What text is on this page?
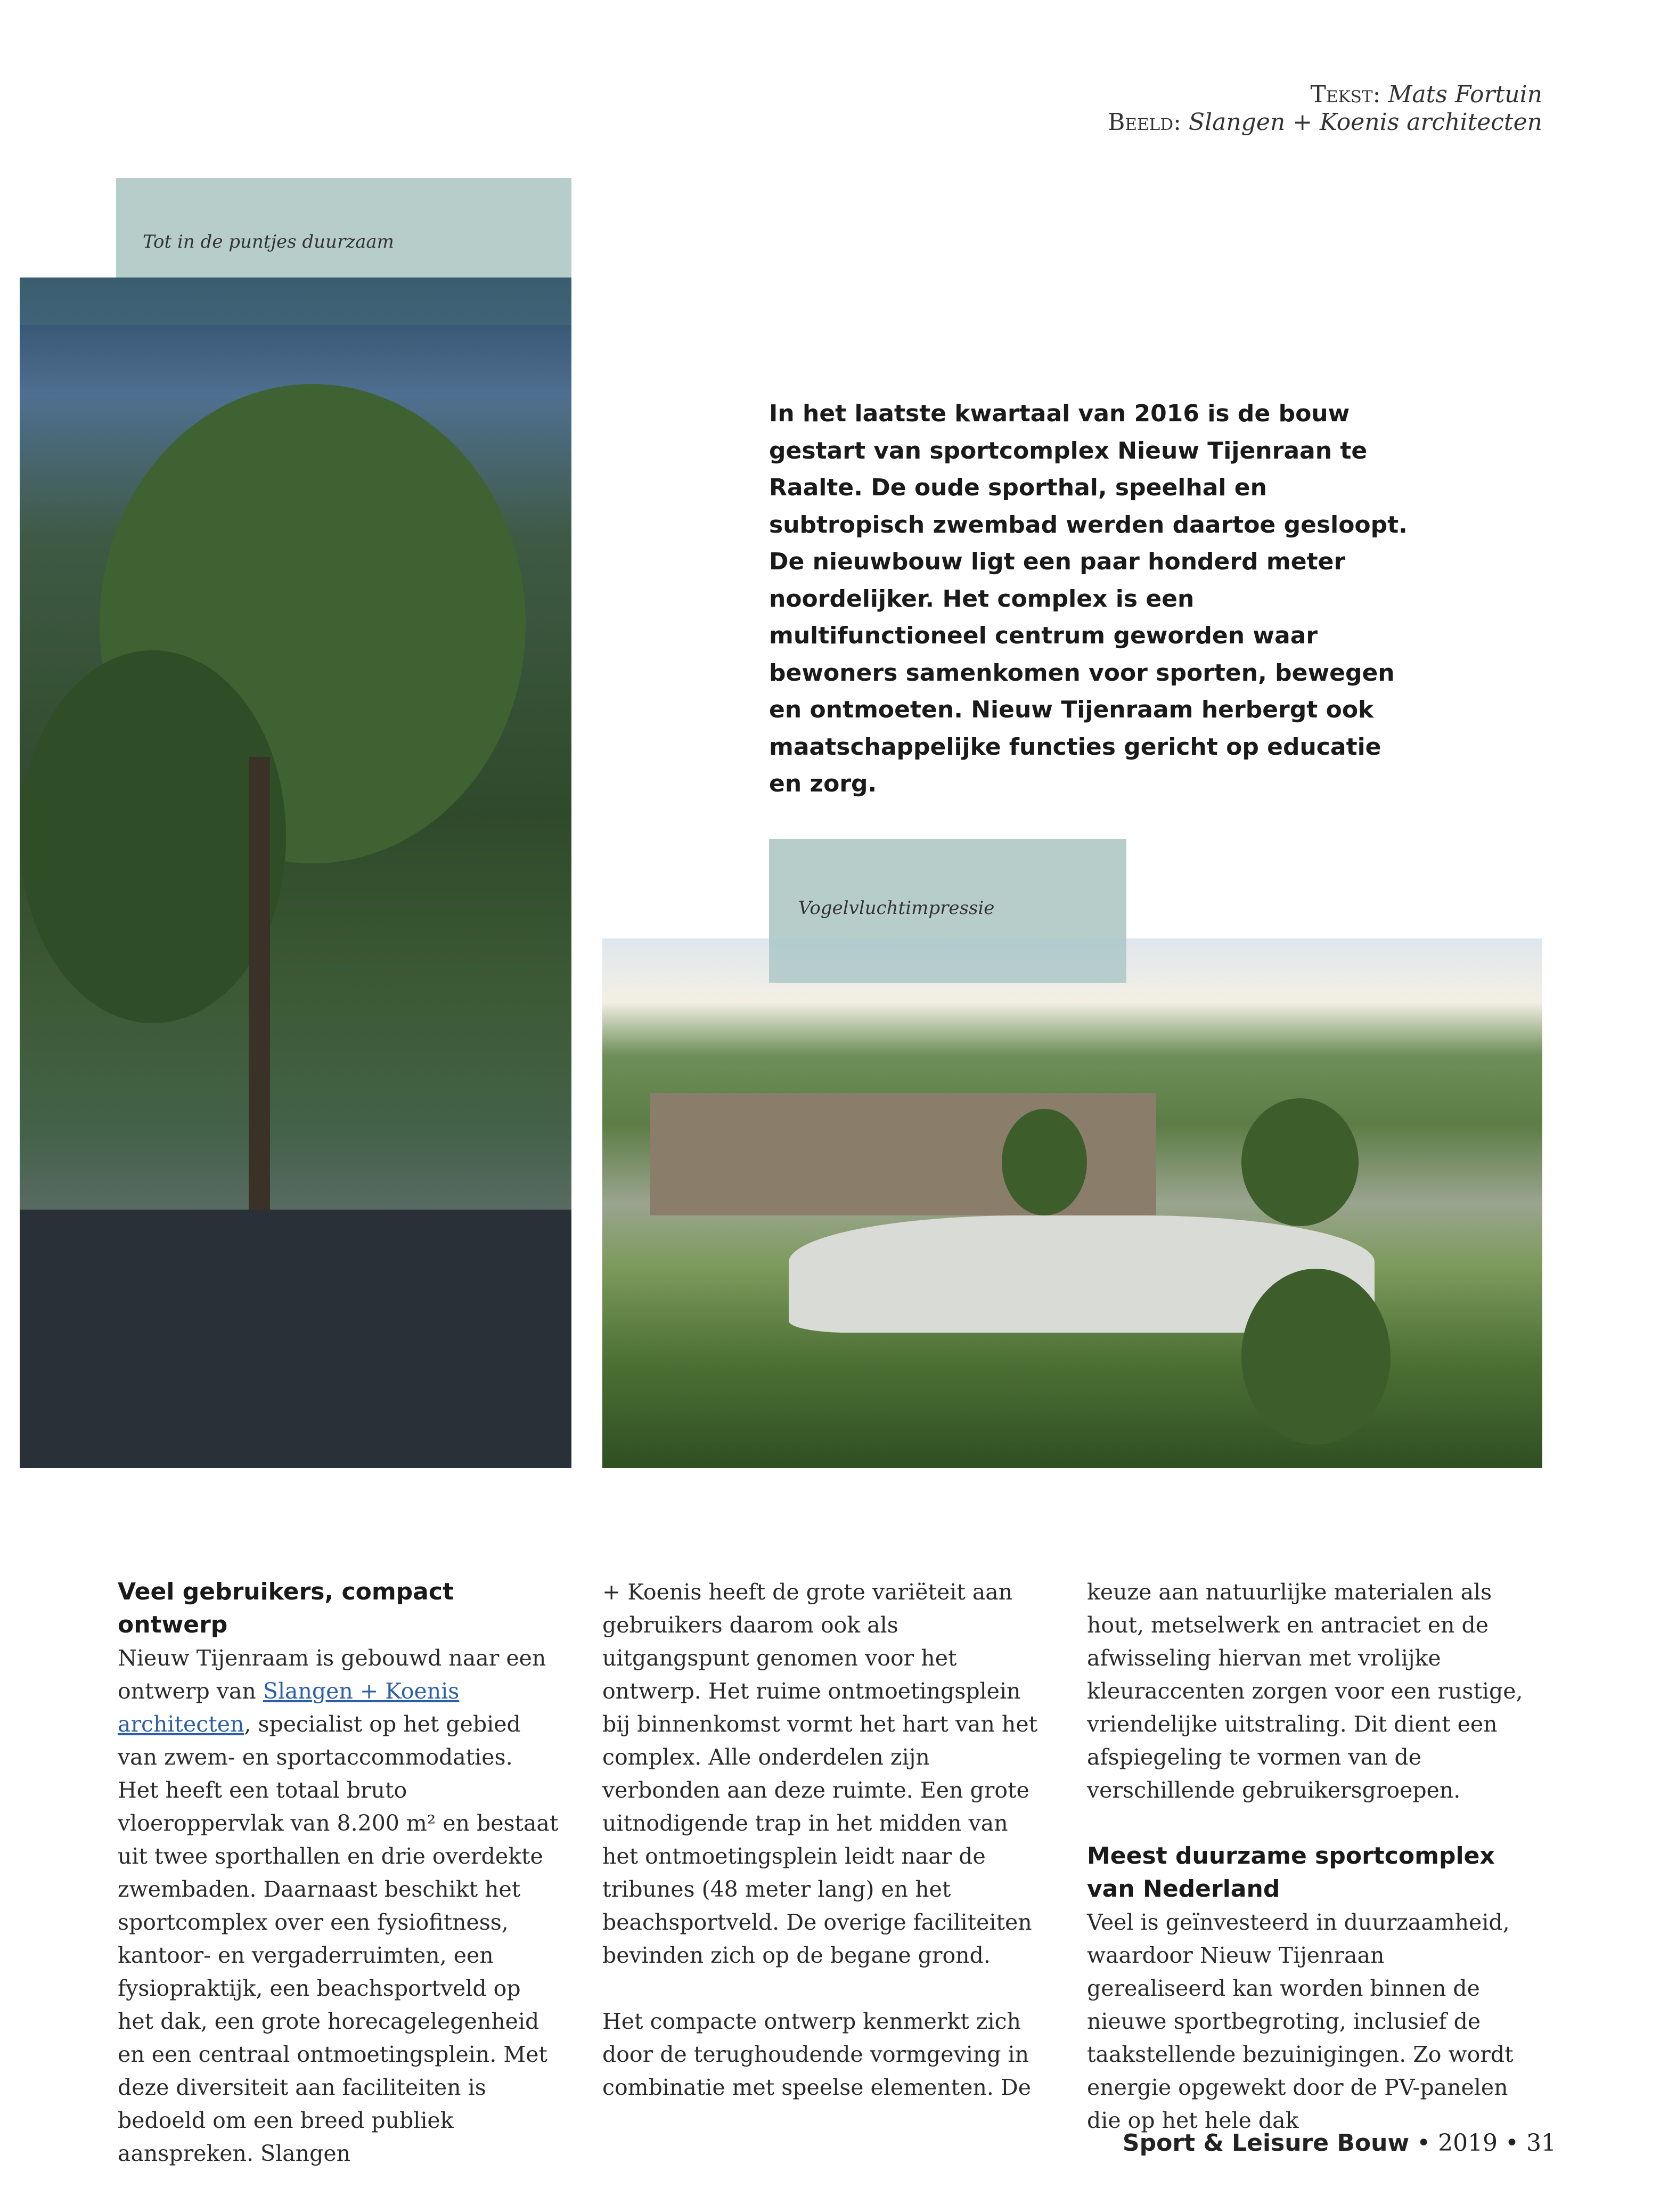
Tekst: Mats Fortuin
Beeld: Slangen + Koenis architecten
Tot in de puntjes duurzaam
In het laatste kwartaal van 2016 is de bouw gestart van sportcomplex Nieuw Tijenraan te Raalte. De oude sporthal, speelhal en subtropisch zwembad werden daartoe gesloopt. De nieuwbouw ligt een paar honderd meter noordelijker. Het complex is een multifunctioneel centrum geworden waar bewoners samenkomen voor sporten, bewegen en ontmoeten. Nieuw Tijenraam herbergt ook maatschappelijke functies gericht op educatie en zorg.
Vogelvluchtimpressie
Veel gebruikers, compact ontwerp

Nieuw Tijenraam is gebouwd naar een ontwerp van Slangen + Koenis architecten, specialist op het gebied van zwem- en sportaccommodaties. Het heeft een totaal bruto vloeroppervlak van 8.200 m² en bestaat uit twee sporthallen en drie overdekte zwembaden. Daarnaast beschikt het sportcomplex over een fysiofitness, kantoor- en vergaderruimten, een fysiopraktijk, een beachsportveld op het dak, een grote horecagelegenheid en een centraal ontmoetingsplein. Met deze diversiteit aan faciliteiten is bedoeld om een breed publiek aanspreken. Slangen

+ Koenis heeft de grote variëteit aan gebruikers daarom ook als uitgangspunt genomen voor het ontwerp. Het ruime ontmoetingsplein bij binnenkomst vormt het hart van het complex. Alle onderdelen zijn verbonden aan deze ruimte. Een grote uitnodigende trap in het midden van het ontmoetingsplein leidt naar de tribunes (48 meter lang) en het beachsportveld. De overige faciliteiten bevinden zich op de begane grond.

Het compacte ontwerp kenmerkt zich door de terughoudende vormgeving in combinatie met speelse elementen. De

keuze aan natuurlijke materialen als hout, metselwerk en antraciet en de afwisseling hiervan met vrolijke kleuraccenten zorgen voor een rustige, vriendelijke uitstraling. Dit dient een afspiegeling te vormen van de verschillende gebruikersgroepen.

Meest duurzame sportcomplex van Nederland

Veel is geïnvesteerd in duurzaamheid, waardoor Nieuw Tijenraan gerealiseerd kan worden binnen de nieuwe sportbegroting, inclusief de taakstellende bezuinigingen. Zo wordt energie opgewekt door de PV-panelen die op het hele dak

Sport & Leisure Bouw • 2019 • 31
